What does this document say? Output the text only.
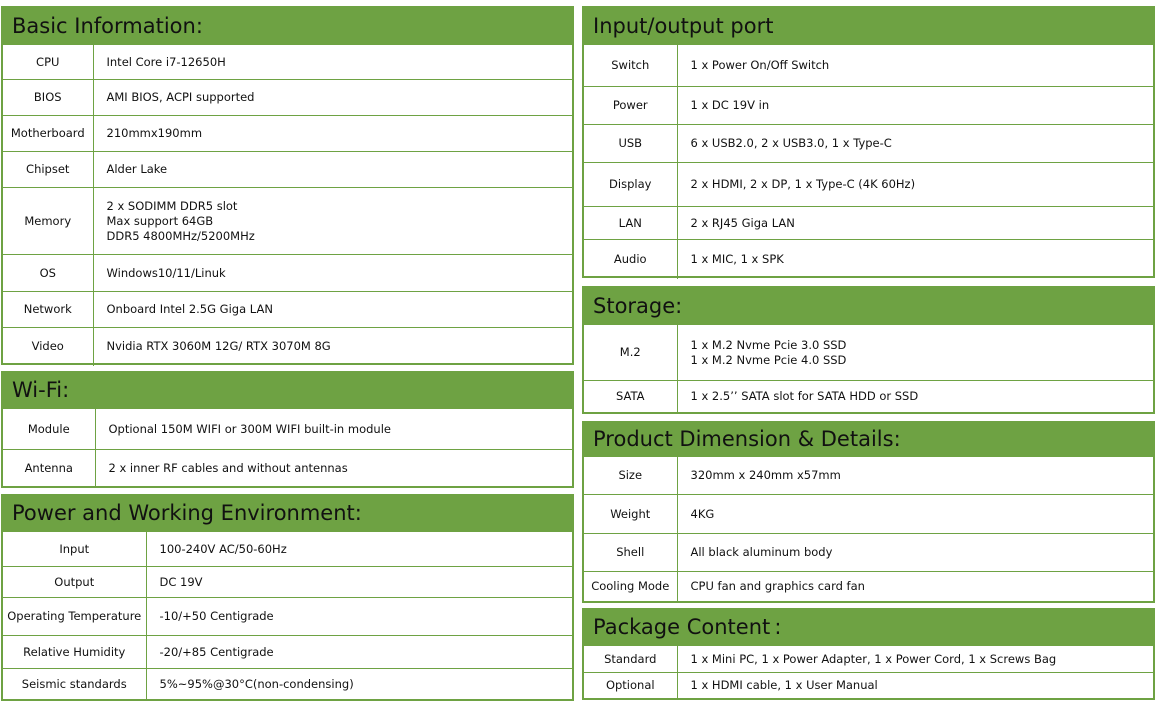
Basic Information:
CPU	Intel Core i7-12650H

BIOS	AMI BIOS, ACPI supported

Motherboard	210mmx190mm

Chipset	Alder Lake

Memory	2 x SODIMM DDR5 slot
Max support 64GB
DDR5 4800MHz/5200MHz

OS	Windows10/11/Linuk

Network	Onboard Intel 2.5G Giga LAN

Video	Nvidia RTX 3060M 12G/ RTX 3070M 8G
Wi-Fi:
Module	Optional 150M WIFI or 300M WIFI built-in module

Antenna	2 x inner RF cables and without antennas
Power and Working Environment:
Input	100-240V AC/50-60Hz

Output	DC 19V

Operating Temperature	-10/+50 Centigrade

Relative Humidity	-20/+85 Centigrade

Seismic standards	5%~95%@30°C(non-condensing)
Input/output port
Switch	1 x Power On/Off Switch

Power	1 x DC 19V in

USB	6 x USB2.0, 2 x USB3.0, 1 x Type-C

Display	2 x HDMI, 2 x DP, 1 x Type-C (4K 60Hz)

LAN	2 x RJ45 Giga LAN

Audio	1 x MIC, 1 x SPK
Storage:
M.2	1 x M.2 Nvme Pcie 3.0 SSD
1 x M.2 Nvme Pcie 4.0 SSD

SATA	1 x 2.5’’ SATA slot for SATA HDD or SSD
Product Dimension & Details:
Size	320mm x 240mm x57mm

Weight	4KG

Shell	All black aluminum body

Cooling Mode	CPU fan and graphics card fan
Package Content :
Standard	1 x Mini PC, 1 x Power Adapter, 1 x Power Cord, 1 x Screws Bag

Optional	1 x HDMI cable, 1 x User Manual
